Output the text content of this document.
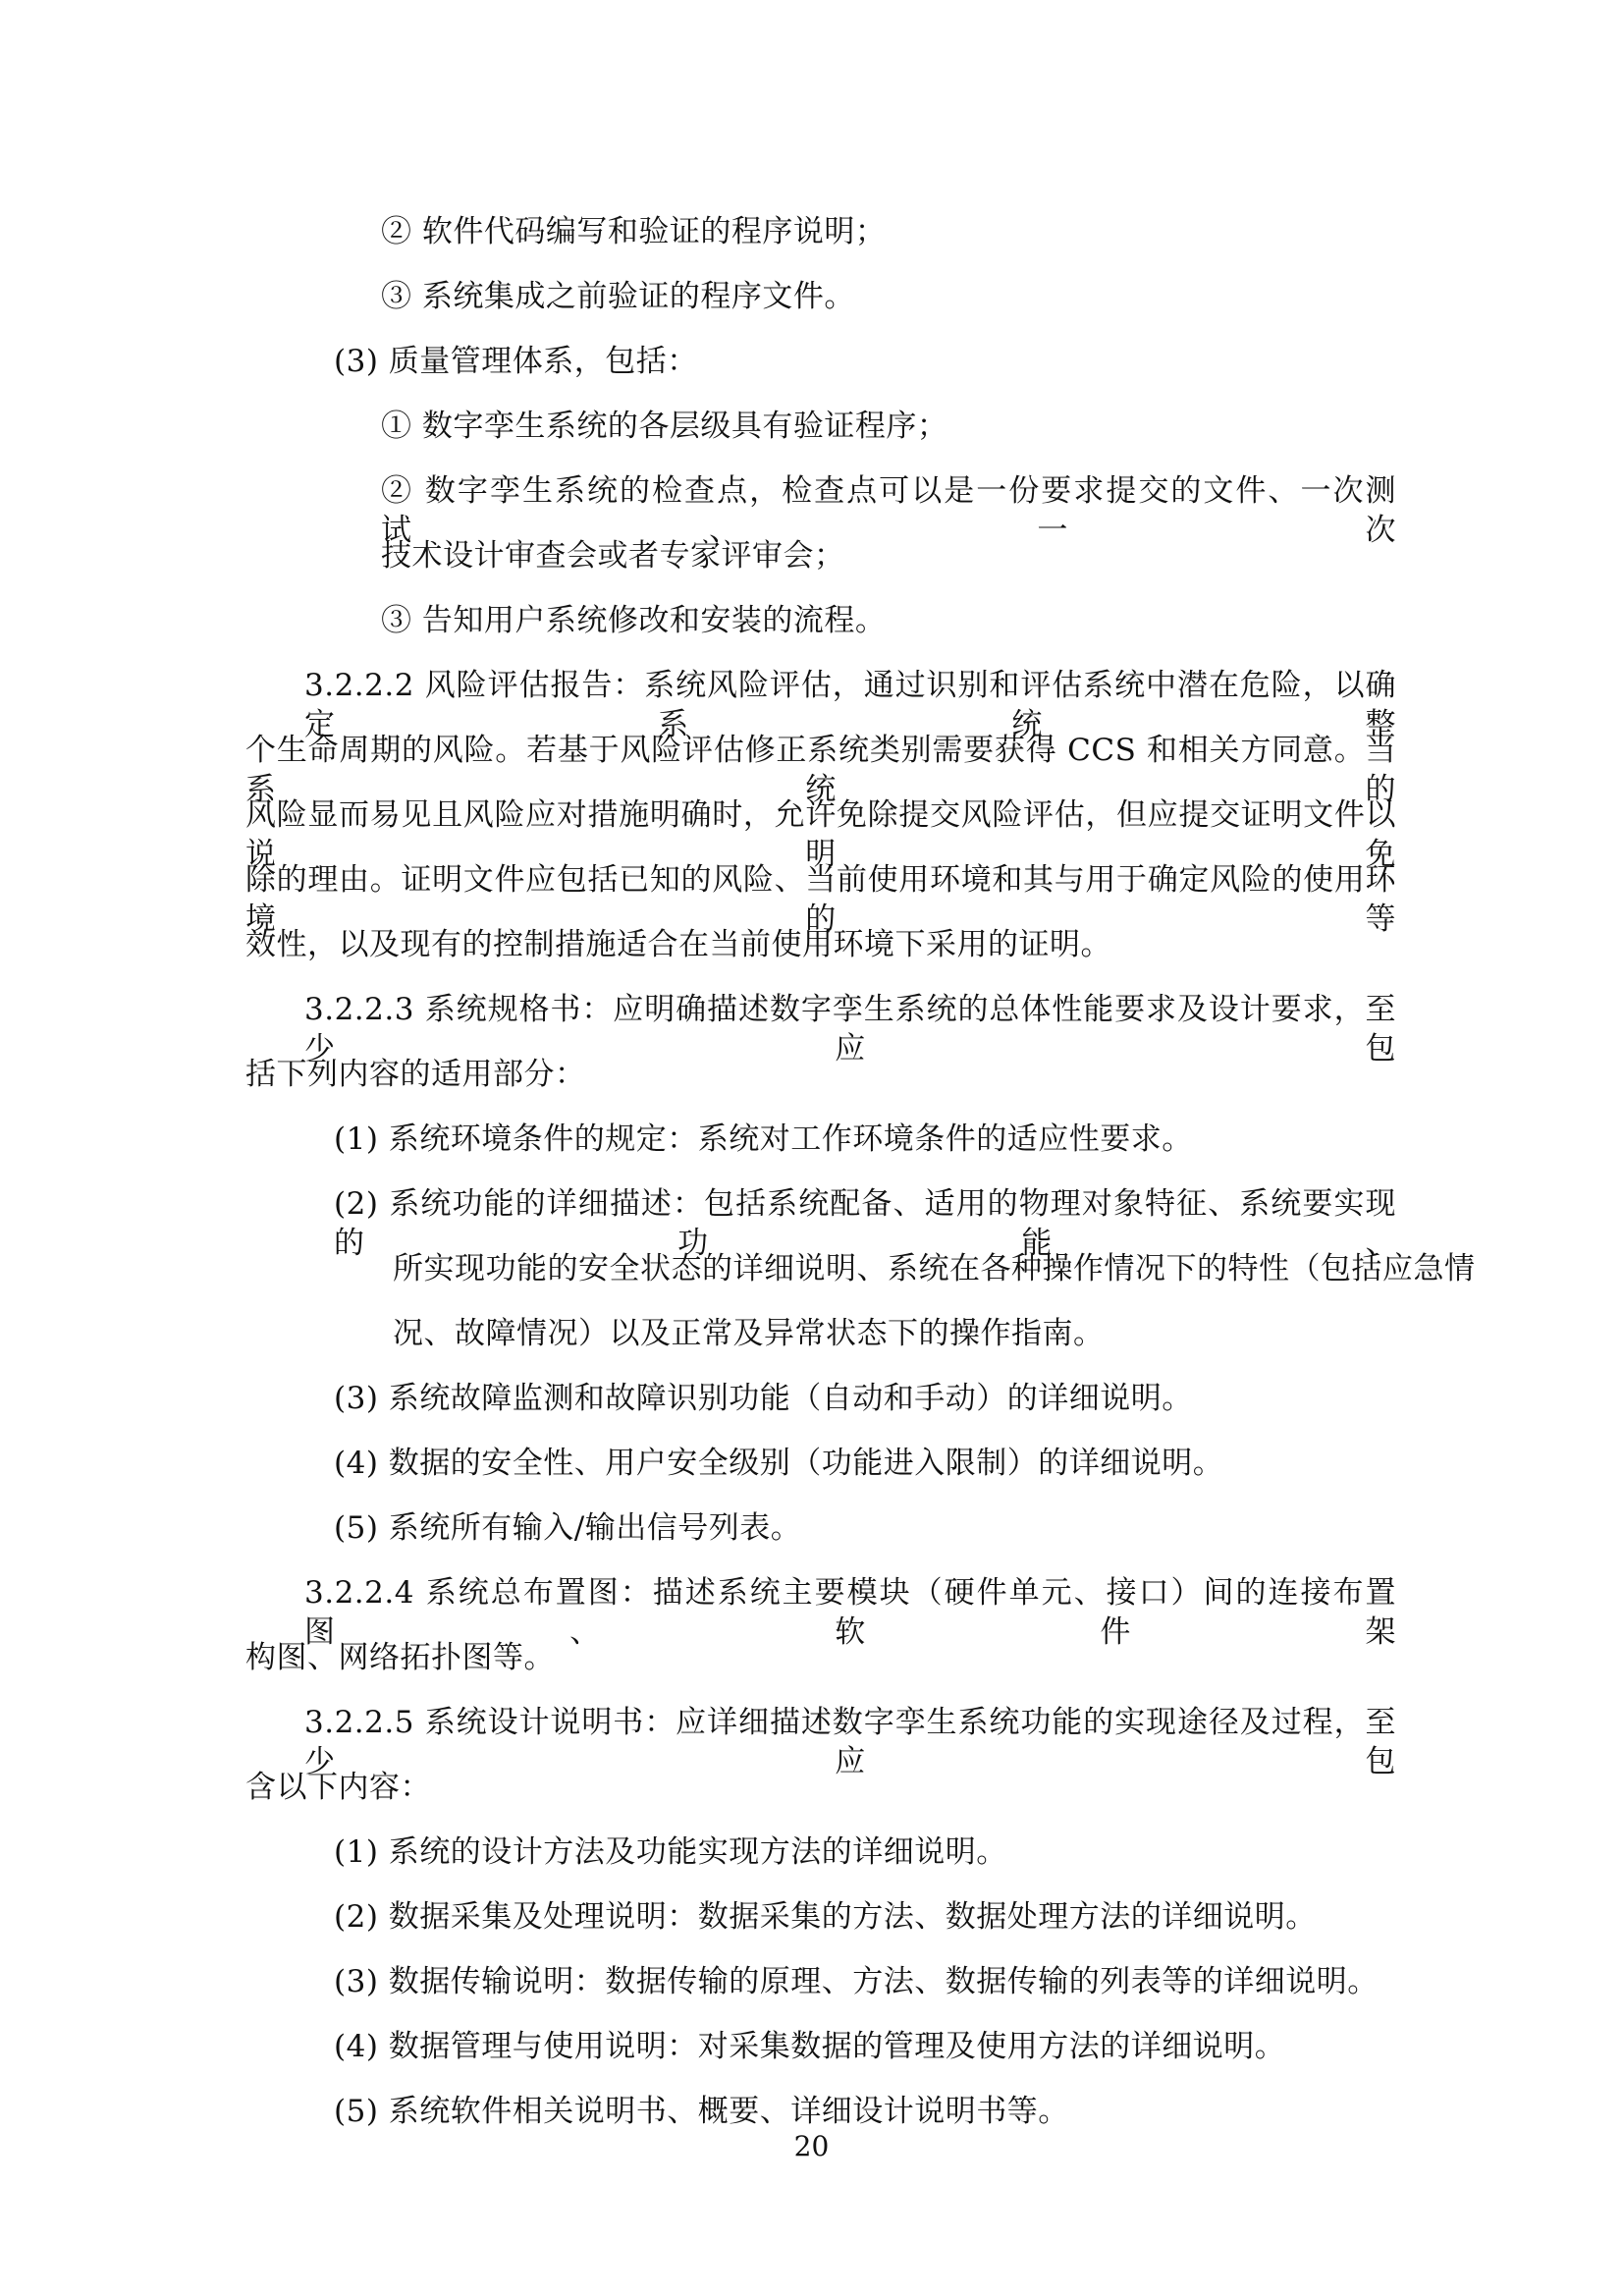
② 软件代码编写和验证的程序说明；
③ 系统集成之前验证的程序文件。
(3) 质量管理体系，包括：
① 数字孪生系统的各层级具有验证程序；
② 数字孪生系统的检查点，检查点可以是一份要求提交的文件、一次测试、一次
技术设计审查会或者专家评审会；
③ 告知用户系统修改和安装的流程。
3.2.2.2 风险评估报告：系统风险评估，通过识别和评估系统中潜在危险，以确定系统整
个生命周期的风险。若基于风险评估修正系统类别需要获得 CCS 和相关方同意。当系统的
风险显而易见且风险应对措施明确时，允许免除提交风险评估，但应提交证明文件以说明免
除的理由。证明文件应包括已知的风险、当前使用环境和其与用于确定风险的使用环境的等
效性，以及现有的控制措施适合在当前使用环境下采用的证明。
3.2.2.3 系统规格书：应明确描述数字孪生系统的总体性能要求及设计要求，至少应包
括下列内容的适用部分：
(1) 系统环境条件的规定：系统对工作环境条件的适应性要求。
(2) 系统功能的详细描述：包括系统配备、适用的物理对象特征、系统要实现的功能、
所实现功能的安全状态的详细说明、系统在各种操作情况下的特性（包括应急情
况、故障情况）以及正常及异常状态下的操作指南。
(3) 系统故障监测和故障识别功能（自动和手动）的详细说明。
(4) 数据的安全性、用户安全级别（功能进入限制）的详细说明。
(5) 系统所有输入/输出信号列表。
3.2.2.4 系统总布置图：描述系统主要模块（硬件单元、接口）间的连接布置图、软件架
构图、网络拓扑图等。
3.2.2.5 系统设计说明书：应详细描述数字孪生系统功能的实现途径及过程，至少应包
含以下内容：
(1) 系统的设计方法及功能实现方法的详细说明。
(2) 数据采集及处理说明：数据采集的方法、数据处理方法的详细说明。
(3) 数据传输说明：数据传输的原理、方法、数据传输的列表等的详细说明。
(4) 数据管理与使用说明：对采集数据的管理及使用方法的详细说明。
(5) 系统软件相关说明书、概要、详细设计说明书等。
20
